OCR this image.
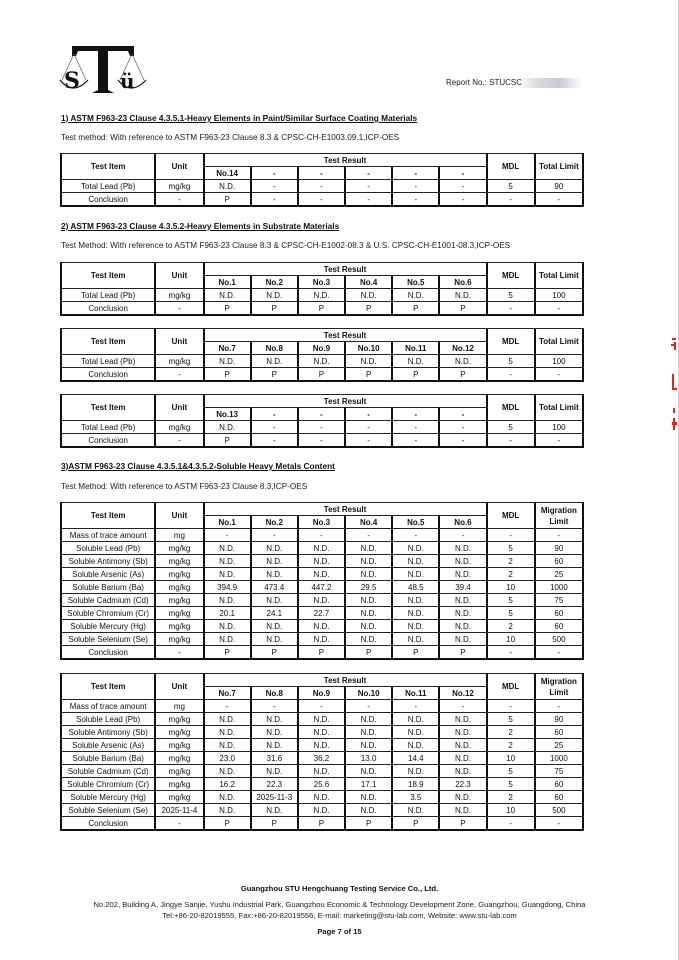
S ü	Report No.: STUCSC
1) ASTM F963-23 Clause 4.3.5.1-Heavy Elements in Paint/Similar Surface Coating Materials
Test method: With reference to ASTM F963-23 Clause 8.3 & CPSC-CH-E1003.09.1,ICP-OES
Test Item	Unit	Test Result						MDL	Total Limit
		No.14	-	-	-	-	-		
Total Lead (Pb)	mg/kg	N.D.	-	-	-	-	-	5	90
Conclusion	-	P	-	-	-	-	-	-	-
2) ASTM F963-23 Clause 4.3.5.2-Heavy Elements in Substrate Materials
Test Method: With reference to ASTM F963-23 Clause 8.3 & CPSC-CH-E1002-08.3 & U.S. CPSC-CH-E1001-08.3,ICP-OES
Test Item	Unit	Test Result						MDL	Total Limit
		No.1	No.2	No.3	No.4	No.5	No.6		
Total Lead (Pb)	mg/kg	N.D.	N.D.	N.D.	N.D.	N.D.	N.D.	5	100
Conclusion	-	P	P	P	P	P	P	-	-
Test Item	Unit	Test Result						MDL	Total Limit
		No.7	No.8	No.9	No.10	No.11	No.12		
Total Lead (Pb)	mg/kg	N.D.	N.D.	N.D.	N.D.	N.D.	N.D.	5	100
Conclusion	-	P	P	P	P	P	P	-	-
Test Item	Unit	Test Result						MDL	Total Limit
		No.13	-	-	-	-	-		
Total Lead (Pb)	mg/kg	N.D.	-	-	-	-	-	5	100
Conclusion	-	P	-	-	-	-	-	-	-
3)ASTM F963-23 Clause 4.3.5.1&4.3.5.2-Soluble Heavy Metals Content
Test Method: With reference to ASTM F963-23 Clause 8.3,ICP-OES
Test Item	Unit	Test Result						MDL	Migration
Limit

		No.1	No.2	No.3	No.4	No.5	No.6		
Mass of trace amount	mg	-	-	-	-	-	-	-	-
Soluble Lead (Pb)	mg/kg	N.D.	N.D.	N.D.	N.D.	N.D.	N.D.	5	90
Soluble Antimony (Sb)	mg/kg	N.D.	N.D.	N.D.	N.D.	N.D.	N.D.	2	60
Soluble Arsenic (As)	mg/kg	N.D.	N.D.	N.D.	N.D.	N.D.	N.D.	2	25
Soluble Barium (Ba)	mg/kg	394.9	473.4	447.2	29.5	48.5	39.4	10	1000
Soluble Cadmium (Cd)	mg/kg	N.D.	N.D.	N.D.	N.D.	N.D.	N.D.	5	75
Soluble Chromium (Cr)	mg/kg	20.1	24.1	22.7	N.D.	N.D.	N.D.	5	60
Soluble Mercury (Hg)	mg/kg	N.D.	N.D.	N.D.	N.D.	N.D.	N.D.	2	60
Soluble Selenium (Se)	mg/kg	N.D.	N.D.	N.D.	N.D.	N.D.	N.D.	10	500
Conclusion	-	P	P	P	P	P	P	-	-
Test Item	Unit	Test Result						MDL	Migration
Limit

		No.7	No.8	No.9	No.10	No.11	No.12		
Mass of trace amount	mg	-	-	-	-	-	-	-	-
Soluble Lead (Pb)	mg/kg	N.D.	N.D.	N.D.	N.D.	N.D.	N.D.	5	90
Soluble Antimony (Sb)	mg/kg	N.D.	N.D.	N.D.	N.D.	N.D.	N.D.	2	60
Soluble Arsenic (As)	mg/kg	N.D.	N.D.	N.D.	N.D.	N.D.	N.D.	2	25
Soluble Barium (Ba)	mg/kg	23.0	31.6	36.2	13.0	14.4	N.D.	10	1000
Soluble Cadmium (Cd)	mg/kg	N.D.	N.D.	N.D.	N.D.	N.D.	N.D.	5	75
Soluble Chromium (Cr)	mg/kg	16.2	22.3	25.6	17.1	18.9	22.3	5	60
Soluble Mercury (Hg)	mg/kg	N.D.	2025-11-3	N.D.	N.D.	3.5	N.D.	2	60
Soluble Selenium (Se)	2025-11-4	N.D.	N.D.	N.D.	N.D.	N.D.	N.D.	10	500
Conclusion	-	P	P	P	P	P	P	-	-
Guangzhou STU Hengchuang Testing Service Co., Ltd.
No.202, Building A, Jingye Sanjie, Yushu Industrial Park, Guangzhou Economic & Technology Development Zone, Guangzhou, Guangdong, China
Tel:+86-20-82019555, Fax:+86-20-82019556, E-mail: marketing@stu-lab.com, Website: www.stu-lab.com
Page 7 of 15
